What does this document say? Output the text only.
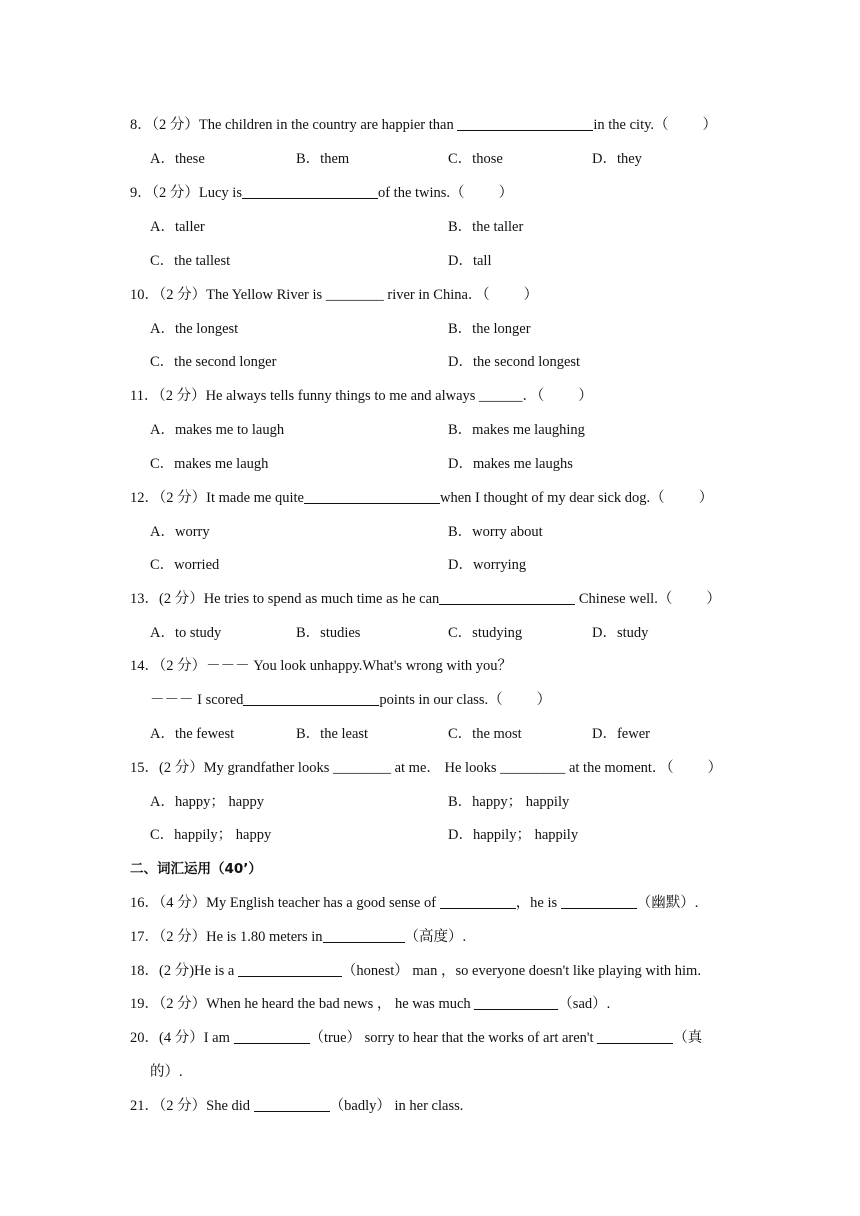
8．（2 分）The children in the country are happier than	in the city.（ ）
A．these	B．them	C．those	D．they
9．（2 分）Lucy is	of the twins.（ ）
A．taller	B．the taller
C．the tallest	D．tall
10．（2 分）The Yellow River is ________ river in China．（ ）
A．the longest	B．the longer
C．the second longer	D．the second longest
11．（2 分）He always tells funny things to me and always ______．（ ）
A．makes me to laugh	B．makes me laughing
C．makes me laugh	D．makes me laughs
12．（2 分）It made me quite	when I thought of my dear sick dog.（ ）
A．worry	B．worry about
C．worried	D．worrying
13．(2 分）He tries to spend as much time as he can	Chinese well.（ ）
A．to study	B．studies	C．studying	D．study
14．（2 分）－－－ You look unhappy.What's wrong with you？
－－－ I scored	points in our class.（ ）
A．the fewest	B．the least	C．the most	D．fewer
15．(2 分）My grandfather looks ________ at me． He looks _________ at the moment．（ ）
A．happy； happy	B．happy； happily
C．happily； happy	D．happily； happily
二、词汇运用（40’）
16．（4 分）My English teacher has a good sense of	，he is	（幽默）.
17．（2 分）He is 1.80 meters in	（高度）.
18．(2 分)He is a	（honest） man ，so everyone doesn't like playing with him.
19．（2 分）When he heard the bad news ， he was much	（sad）.
20．(4 分）I am	（true） sorry to hear that the works of art aren't	（真
的）.
21．（2 分）She did	（badly） in her class.
